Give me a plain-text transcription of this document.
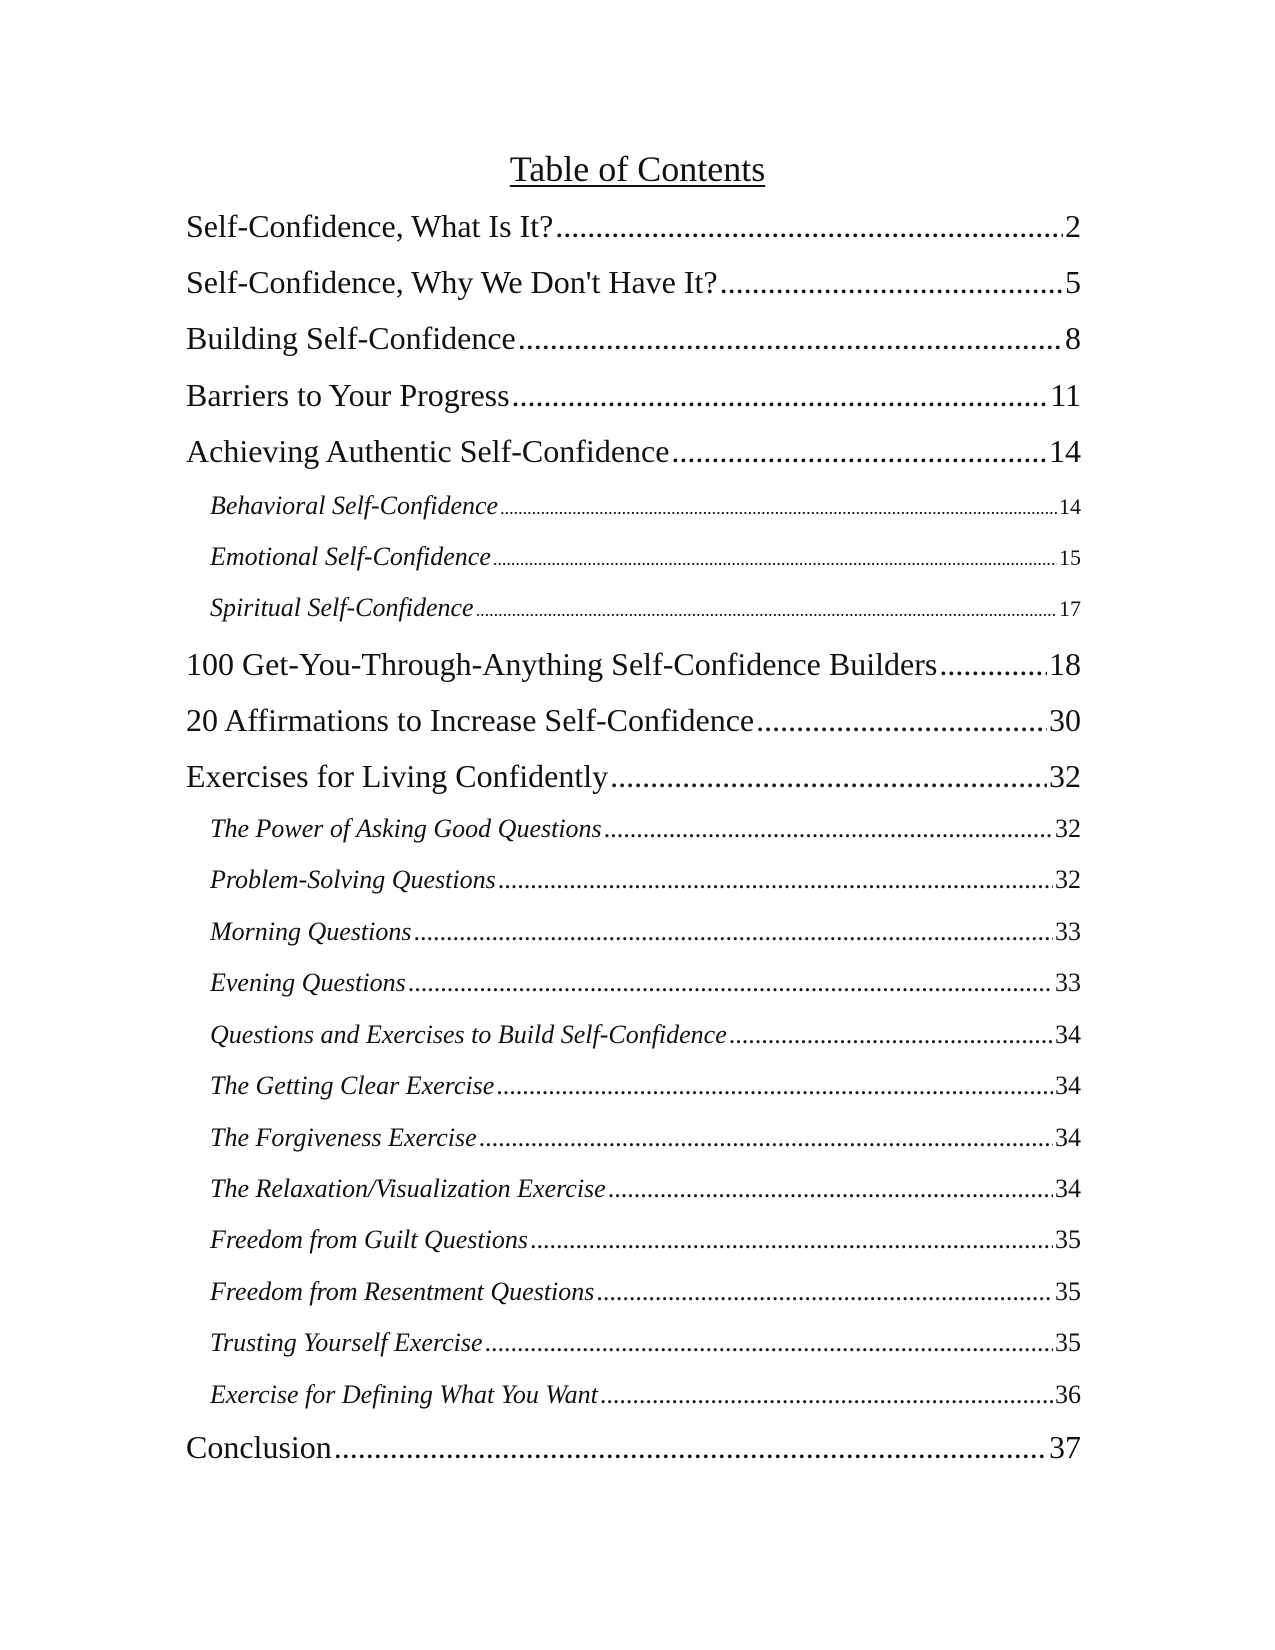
Table of Contents
Self-Confidence, What Is It? .....	2
Self-Confidence, Why We Don't Have It? .....	5
Building Self-Confidence .....	8
Barriers to Your Progress .....	11
Achieving Authentic Self-Confidence .....	14
Behavioral Self-Confidence .....	14
Emotional Self-Confidence .....	15
Spiritual Self-Confidence .....	17
100 Get-You-Through-Anything Self-Confidence Builders .....	18
20 Affirmations to Increase Self-Confidence .....	30
Exercises for Living Confidently .....	32
The Power of Asking Good Questions .....	32
Problem-Solving Questions .....	32
Morning Questions .....	33
Evening Questions .....	33
Questions and Exercises to Build Self-Confidence .....	34
The Getting Clear Exercise .....	34
The Forgiveness Exercise .....	34
The Relaxation/Visualization Exercise .....	34
Freedom from Guilt Questions .....	35
Freedom from Resentment Questions .....	35
Trusting Yourself Exercise .....	35
Exercise for Defining What You Want .....	36
Conclusion .....	37
